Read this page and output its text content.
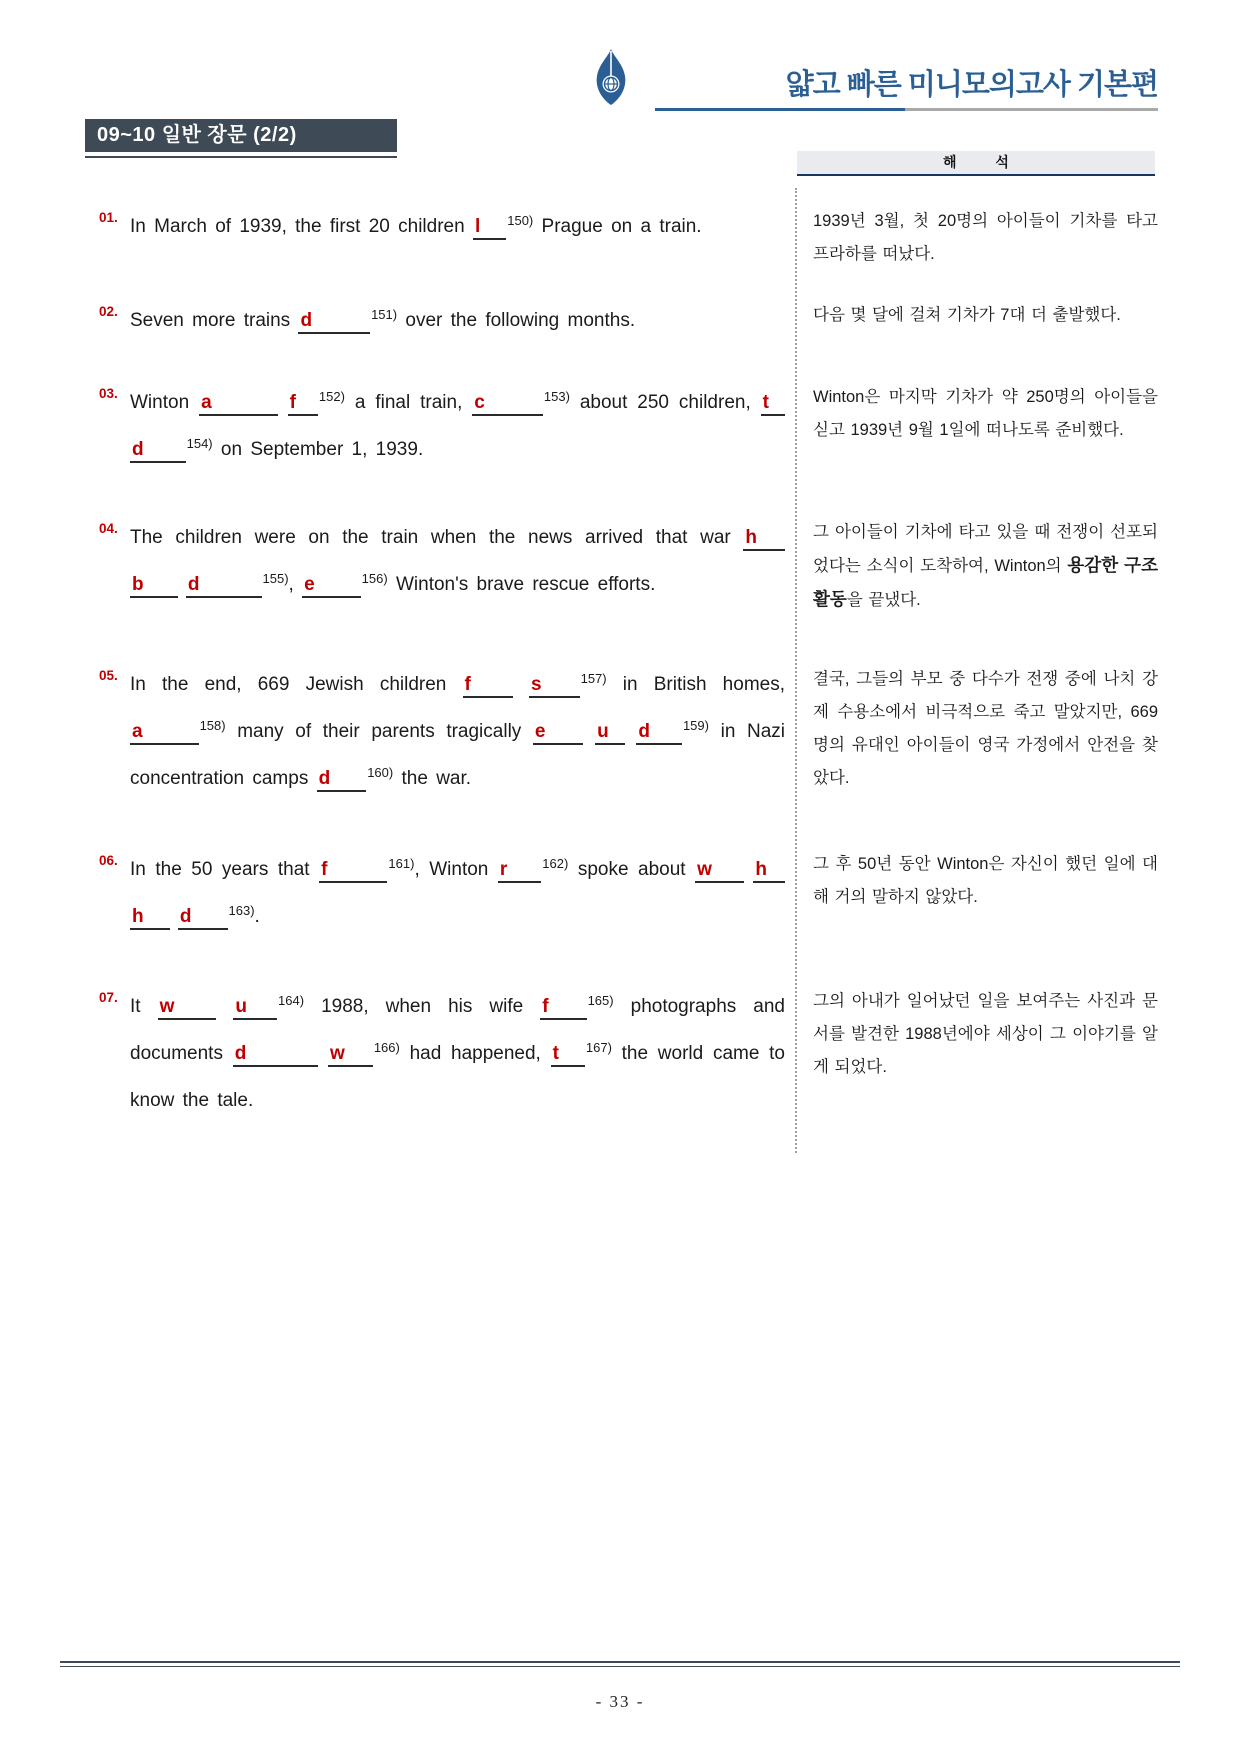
얇고 빠른 미니모의고사 기본편
09~10 일반 장문 (2/2)
해          석
01. In March of 1939, the first 20 children l $^{150)}$ Prague on a train.	1939년 3월, 첫 20명의 아이들이 기차를 타고 프라하를 떠났다.

02. Seven more trains d	$^{151)}$ over the following months.	다음 몇 달에 걸쳐 기차가 7대 더 출발했다.

03. Winton a	f $^{152)}$ a final train, c	$^{153)}$ about 250 children, t d	$^{154)}$ on September 1, 1939.

Winton은 마지막 기차가 약 250명의 아이들을 싣고 1939년 9월 1일에 떠나도록 준비했다.

04. The children were on the train when the news arrived that war h b d	$^{155)}$, e	$^{156)}$ Winton's brave rescue efforts.

그 아이들이 기차에 타고 있을 때 전쟁이 선포되었다는 소식이 도착하여, Winton의 용감한 구조 활동을 끝냈다.

05. In the end, 669 Jewish children f	s	$^{157)}$ in British homes, a	$^{158)}$ many of their parents tragically e	u d	$^{159)}$ in Nazi concentration camps d	$^{160)}$ the war.

결국, 그들의 부모 중 다수가 전쟁 중에 나치 강제 수용소에서 비극적으로 죽고 말았지만, 669명의 유대인 아이들이 영국 가정에서 안전을 찾았다.

06. In the 50 years that f	$^{161)}$, Winton r	$^{162)}$ spoke about w h h d	$^{163)}$.

그 후 50년 동안 Winton은 자신이 했던 일에 대해 거의 말하지 않았다.

07. It w	u $^{164)}$ 1988, when his wife f	$^{165)}$ photographs and documents d	w $^{166)}$ had happened, t $^{167)}$ the world came to know the tale.

그의 아내가 일어났던 일을 보여주는 사진과 문서를 발견한 1988년에야 세상이 그 이야기를 알게 되었다.

- 33 -
